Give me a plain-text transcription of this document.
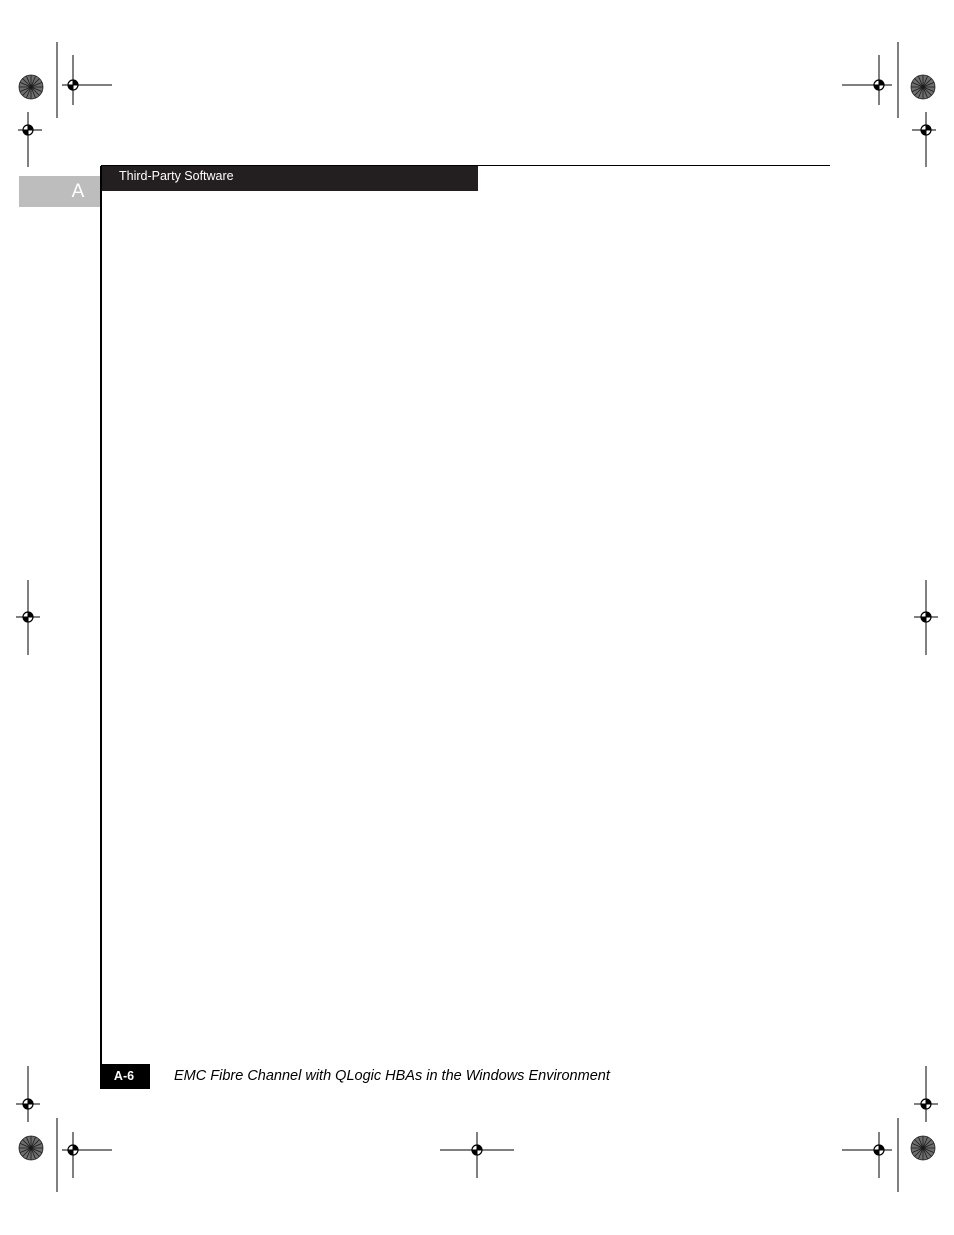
A
Third-Party Software
A-6	EMC Fibre Channel with QLogic HBAs in the Windows Environment
